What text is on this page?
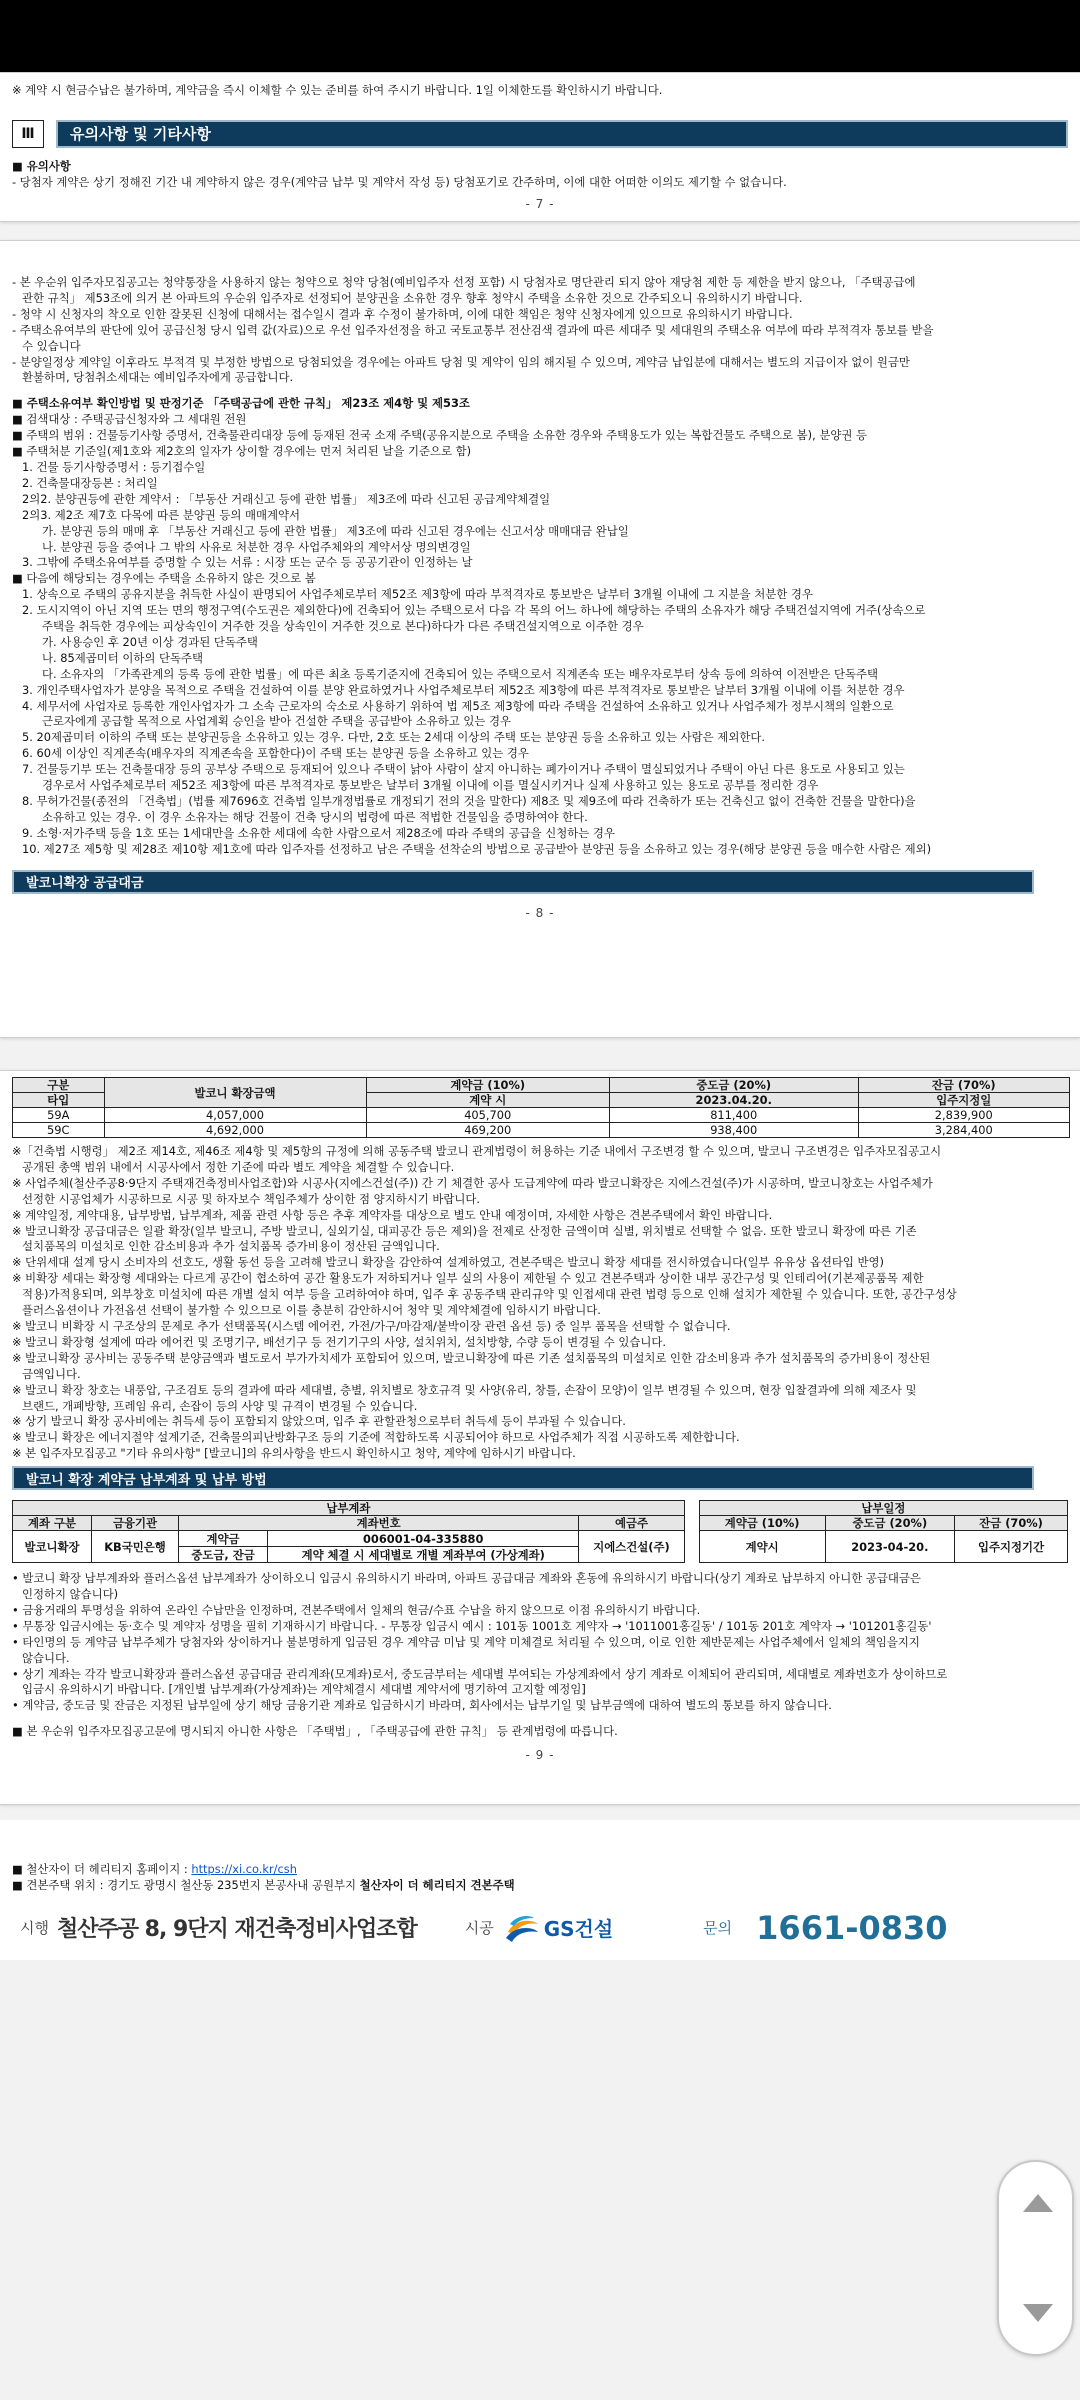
※ 계약 시 현금수납은 불가하며, 계약금을 즉시 이체할 수 있는 준비를 하여 주시기 바랍니다. 1일 이체한도를 확인하시기 바랍니다.
Ⅲ	유의사항 및 기타사항
■ 유의사항
- 당첨자 계약은 상기 정해진 기간 내 계약하지 않은 경우(계약금 납부 및 계약서 작성 등) 당첨포기로 간주하며, 이에 대한 어떠한 이의도 제기할 수 없습니다.
- 7 -
- 본 우순위 입주자모집공고는 청약통장을 사용하지 않는 청약으로 청약 당첨(예비입주자 선정 포함) 시 당첨자로 명단관리 되지 않아 재당첨 제한 등 제한을 받지 않으나, 「주택공급에
관한 규칙」 제53조에 의거 본 아파트의 우순위 입주자로 선정되어 분양권을 소유한 경우 향후 청약시 주택을 소유한 것으로 간주되오니 유의하시기 바랍니다.
- 청약 시 신청자의 착오로 인한 잘못된 신청에 대해서는 접수일시 결과 후 수정이 불가하며, 이에 대한 책임은 청약 신청자에게 있으므로 유의하시기 바랍니다.
- 주택소유여부의 판단에 있어 공급신청 당시 입력 값(자료)으로 우선 입주자선정을 하고 국토교통부 전산검색 결과에 따른 세대주 및 세대원의 주택소유 여부에 따라 부적격자 통보를 받을
수 있습니다
- 분양일정상 계약일 이후라도 부적격 및 부정한 방법으로 당첨되었을 경우에는 아파트 당첨 및 계약이 임의 해지될 수 있으며, 계약금 납입분에 대해서는 별도의 지급이자 없이 원금만
환불하며, 당첨취소세대는 예비입주자에게 공급합니다.
■ 주택소유여부 확인방법 및 판정기준 「주택공급에 관한 규칙」 제23조 제4항 및 제53조
■ 검색대상 : 주택공급신청자와 그 세대원 전원
■ 주택의 범위 : 건물등기사항 증명서, 건축물관리대장 등에 등재된 전국 소재 주택(공유지분으로 주택을 소유한 경우와 주택용도가 있는 복합건물도 주택으로 봄), 분양권 등
■ 주택처분 기준일(제1호와 제2호의 일자가 상이할 경우에는 먼저 처리된 날을 기준으로 함)
1. 건물 등기사항증명서 : 등기접수일
2. 건축물대장등본 : 처리일
2의2. 분양권등에 관한 계약서 : 「부동산 거래신고 등에 관한 법률」 제3조에 따라 신고된 공급계약체결일
2의3. 제2조 제7호 다목에 따른 분양권 등의 매매계약서
가. 분양권 등의 매매 후 「부동산 거래신고 등에 관한 법률」 제3조에 따라 신고된 경우에는 신고서상 매매대금 완납일
나. 분양권 등을 증여나 그 밖의 사유로 처분한 경우 사업주체와의 계약서상 명의변경일
3. 그밖에 주택소유여부를 증명할 수 있는 서류 : 시장 또는 군수 등 공공기관이 인정하는 날
■ 다음에 해당되는 경우에는 주택을 소유하지 않은 것으로 봄
1. 상속으로 주택의 공유지분을 취득한 사실이 판명되어 사업주체로부터 제52조 제3항에 따라 부적격자로 통보받은 날부터 3개월 이내에 그 지분을 처분한 경우
2. 도시지역이 아닌 지역 또는 면의 행정구역(수도권은 제외한다)에 건축되어 있는 주택으로서 다음 각 목의 어느 하나에 해당하는 주택의 소유자가 해당 주택건설지역에 거주(상속으로
주택을 취득한 경우에는 피상속인이 거주한 것을 상속인이 거주한 것으로 본다)하다가 다른 주택건설지역으로 이주한 경우
가. 사용승인 후 20년 이상 경과된 단독주택
나. 85제곱미터 이하의 단독주택
다. 소유자의 「가족관계의 등록 등에 관한 법률」에 따른 최초 등록기준지에 건축되어 있는 주택으로서 직계존속 또는 배우자로부터 상속 등에 의하여 이전받은 단독주택
3. 개인주택사업자가 분양을 목적으로 주택을 건설하여 이를 분양 완료하였거나 사업주체로부터 제52조 제3항에 따른 부적격자로 통보받은 날부터 3개월 이내에 이를 처분한 경우
4. 세무서에 사업자로 등록한 개인사업자가 그 소속 근로자의 숙소로 사용하기 위하여 법 제5조 제3항에 따라 주택을 건설하여 소유하고 있거나 사업주체가 정부시책의 일환으로
근로자에게 공급할 목적으로 사업계획 승인을 받아 건설한 주택을 공급받아 소유하고 있는 경우
5. 20제곱미터 이하의 주택 또는 분양권등을 소유하고 있는 경우. 다만, 2호 또는 2세대 이상의 주택 또는 분양권 등을 소유하고 있는 사람은 제외한다.
6. 60세 이상인 직계존속(배우자의 직계존속을 포함한다)이 주택 또는 분양권 등을 소유하고 있는 경우
7. 건물등기부 또는 건축물대장 등의 공부상 주택으로 등재되어 있으나 주택이 낡아 사람이 살지 아니하는 폐가이거나 주택이 멸실되었거나 주택이 아닌 다른 용도로 사용되고 있는
경우로서 사업주체로부터 제52조 제3항에 따른 부적격자로 통보받은 날부터 3개월 이내에 이를 멸실시키거나 실제 사용하고 있는 용도로 공부를 정리한 경우
8. 무허가건물(종전의 「건축법」(법률 제7696호 건축법 일부개정법률로 개정되기 전의 것을 말한다) 제8조 및 제9조에 따라 건축하가 또는 건축신고 없이 건축한 건물을 말한다)을
소유하고 있는 경우. 이 경우 소유자는 해당 건물이 건축 당시의 법령에 따른 적법한 건물임을 증명하여야 한다.
9. 소형·저가주택 등을 1호 또는 1세대만을 소유한 세대에 속한 사람으로서 제28조에 따라 주택의 공급을 신청하는 경우
10. 제27조 제5항 및 제28조 제10항 제1호에 따라 입주자를 선정하고 남은 주택을 선착순의 방법으로 공급받아 분양권 등을 소유하고 있는 경우(해당 분양권 등을 매수한 사람은 제외)
발코니확장 공급대금
- 8 -
구분	발코니 확장금액	계약금 (10%)	중도금 (20%)	잔금 (70%)
타입		계약 시	2023.04.20.	입주지정일
59A	4,057,000	405,700	811,400	2,839,900
59C	4,692,000	469,200	938,400	3,284,400
※「건축법 시행령」 제2조 제14호, 제46조 제4항 및 제5항의 규정에 의해 공동주택 발코니 관계법령이 허용하는 기준 내에서 구조변경 할 수 있으며, 발코니 구조변경은 입주자모집공고시
공개된 총액 범위 내에서 시공사에서 정한 기준에 따라 별도 계약을 체결할 수 있습니다.
※ 사업주체(철산주공8·9단지 주택재건축정비사업조합)와 시공사(지에스건설(주)) 간 기 체결한 공사 도급계약에 따라 발코니확장은 지에스건설(주)가 시공하며, 발코니창호는 사업주체가
선정한 시공업체가 시공하므로 시공 및 하자보수 책임주체가 상이한 점 양지하시기 바랍니다.
※ 계약일정, 계약대용, 납부방법, 납부계좌, 제품 관련 사항 등은 추후 계약자를 대상으로 별도 안내 예정이며, 자세한 사항은 견본주택에서 확인 바랍니다.
※ 발코니확장 공급대금은 일괄 확장(일부 발코니, 주방 발코니, 실외기실, 대피공간 등은 제외)을 전제로 산정한 금액이며 실별, 위치별로 선택할 수 없음. 또한 발코니 확장에 따른 기존
설치품목의 미설치로 인한 감소비용과 추가 설치품목 증가비용이 정산된 금액입니다.
※ 단위세대 설계 당시 소비자의 선호도, 생활 동선 등을 고려해 발코니 확장을 감안하여 설계하였고, 견본주택은 발코니 확장 세대를 전시하였습니다(일부 유유상 옵션타입 반영)
※ 비확장 세대는 확장형 세대와는 다르게 공간이 협소하여 공간 활용도가 저하되거나 일부 실의 사용이 제한될 수 있고 견본주택과 상이한 내부 공간구성 및 인테리어(기본제공품목 제한
적용)가적용되며, 외부창호 미설치에 따른 개별 설치 여부 등을 고려하여야 하며, 입주 후 공동주택 관리규약 및 인접세대 관련 법령 등으로 인해 설치가 제한될 수 있습니다. 또한, 공간구성상
플러스옵션이나 가전옵션 선택이 불가할 수 있으므로 이를 충분히 감안하시어 청약 및 계약체결에 임하시기 바랍니다.
※ 발코니 비확장 시 구조상의 문제로 추가 선택품목(시스템 에어컨, 가전/가구/마감재/붙박이장 관련 옵션 등) 중 일부 품목을 선택할 수 없습니다.
※ 발코니 확장형 설계에 따라 에어컨 및 조명기구, 배선기구 등 전기기구의 사양, 설치위치, 설치방향, 수량 등이 변경될 수 있습니다.
※ 발코니확장 공사비는 공동주택 분양금액과 별도로서 부가가치세가 포함되어 있으며, 발코니확장에 따른 기존 설치품목의 미설치로 인한 감소비용과 추가 설치품목의 증가비용이 정산된
금액입니다.
※ 발코니 확장 창호는 내풍압, 구조검토 등의 결과에 따라 세대별, 층별, 위치별로 창호규격 및 사양(유리, 창틀, 손잡이 모양)이 일부 변경될 수 있으며, 현장 입찰결과에 의해 제조사 및
브랜드, 개폐방향, 프레임 유리, 손잡이 등의 사양 및 규격이 변경될 수 있습니다.
※ 상기 발코니 확장 공사비에는 취득세 등이 포함되지 않았으며, 입주 후 관할관청으로부터 취득세 등이 부과될 수 있습니다.
※ 발코니 확장은 에너지절약 설계기준, 건축물의피난방화구조 등의 기준에 적합하도록 시공되어야 하므로 사업주체가 직접 시공하도록 제한합니다.
※ 본 입주자모집공고 "기타 유의사항" [발코니]의 유의사항을 반드시 확인하시고 청약, 계약에 임하시기 바랍니다.
발코니 확장 계약금 납부계좌 및 납부 방법
납부계좌				
계좌 구분	금융기관	계좌번호		예금주
발코니확장	KB국민은행	계약금	006001-04-335880	지에스건설(주)
		중도금, 잔금	계약 체결 시 세대별로 개별 계좌부여 (가상계좌)	
납부일정		
계약금 (10%)	중도금 (20%)	잔금 (70%)
계약시	2023-04-20.	입주지정기간
• 발코니 확장 납부계좌와 플러스옵션 납부계좌가 상이하오니 입금시 유의하시기 바라며, 아파트 공급대금 계좌와 혼동에 유의하시기 바랍니다(상기 계좌로 납부하지 아니한 공급대금은
인정하지 않습니다)
• 금융거래의 투명성을 위하여 온라인 수납만을 인정하며, 견본주택에서 일체의 현금/수표 수납을 하지 않으므로 이점 유의하시기 바랍니다.
• 무통장 입금시에는 동·호수 및 계약자 성명을 필히 기재하시기 바랍니다. - 무통장 입금시 예시 : 101동 1001호 계약자 → '1011001홍길동' / 101동 201호 계약자 → '101201홍길동'
• 타인명의 등 계약금 납부주체가 당첨자와 상이하거나 불분명하게 입금된 경우 계약금 미납 및 계약 미체결로 처리될 수 있으며, 이로 인한 제반문제는 사업주체에서 일체의 책임을지지
않습니다.
• 상기 계좌는 각각 발코니확장과 플러스옵션 공급대금 관리계좌(모계좌)로서, 중도금부터는 세대별 부여되는 가상계좌에서 상기 계좌로 이체되어 관리되며, 세대별로 계좌번호가 상이하므로
입금시 유의하시기 바랍니다. [개인별 납부계좌(가상계좌)는 계약체결시 세대별 계약서에 명기하여 고지할 예정임]
• 계약금, 중도금 및 잔금은 지정된 납부일에 상기 해당 금융기관 계좌로 입금하시기 바라며, 회사에서는 납부기일 및 납부금액에 대하여 별도의 통보를 하지 않습니다.
■ 본 우순위 입주자모집공고문에 명시되지 아니한 사항은 「주택법」, 「주택공급에 관한 규칙」 등 관계법령에 따릅니다.
- 9 -
■ 철산자이 더 헤리티지 홈페이지 : https://xi.co.kr/csh
■ 견본주택 위치 : 경기도 광명시 철산동 235번지 본공사내 공원부지 철산자이 더 헤리티지 견본주택
시행 철산주공 8, 9단지 재건축정비사업조합	시공	GS건설	문의 1661-0830
